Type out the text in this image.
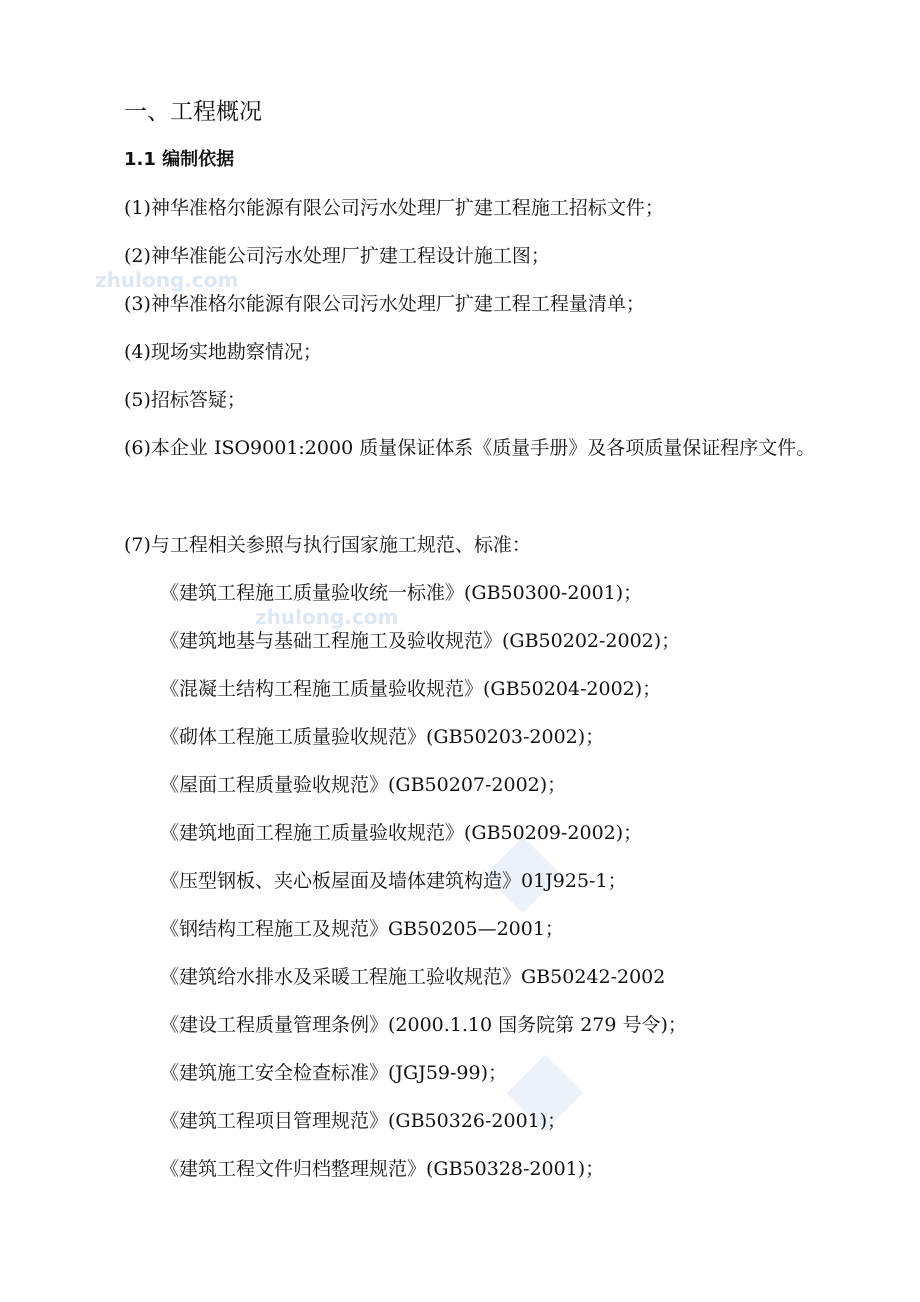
zhulong.com
zhulong.com
一、工程概况
1.1 编制依据
(1)神华准格尔能源有限公司污水处理厂扩建工程施工招标文件；
(2)神华准能公司污水处理厂扩建工程设计施工图；
(3)神华准格尔能源有限公司污水处理厂扩建工程工程量清单；
(4)现场实地勘察情况；
(5)招标答疑；
(6)本企业 ISO9001:2000 质量保证体系《质量手册》及各项质量保证程序文件。
(7)与工程相关参照与执行国家施工规范、标准：
《建筑工程施工质量验收统一标准》(GB50300-2001)；
《建筑地基与基础工程施工及验收规范》(GB50202-2002)；
《混凝土结构工程施工质量验收规范》(GB50204-2002)；
《砌体工程施工质量验收规范》(GB50203-2002)；
《屋面工程质量验收规范》(GB50207-2002)；
《建筑地面工程施工质量验收规范》(GB50209-2002)；
《压型钢板、夹心板屋面及墙体建筑构造》01J925-1；
《钢结构工程施工及规范》GB50205—2001；
《建筑给水排水及采暖工程施工验收规范》GB50242-2002
《建设工程质量管理条例》(2000.1.10 国务院第 279 号令)；
《建筑施工安全检查标准》(JGJ59-99)；
《建筑工程项目管理规范》(GB50326-2001)；
《建筑工程文件归档整理规范》(GB50328-2001)；
